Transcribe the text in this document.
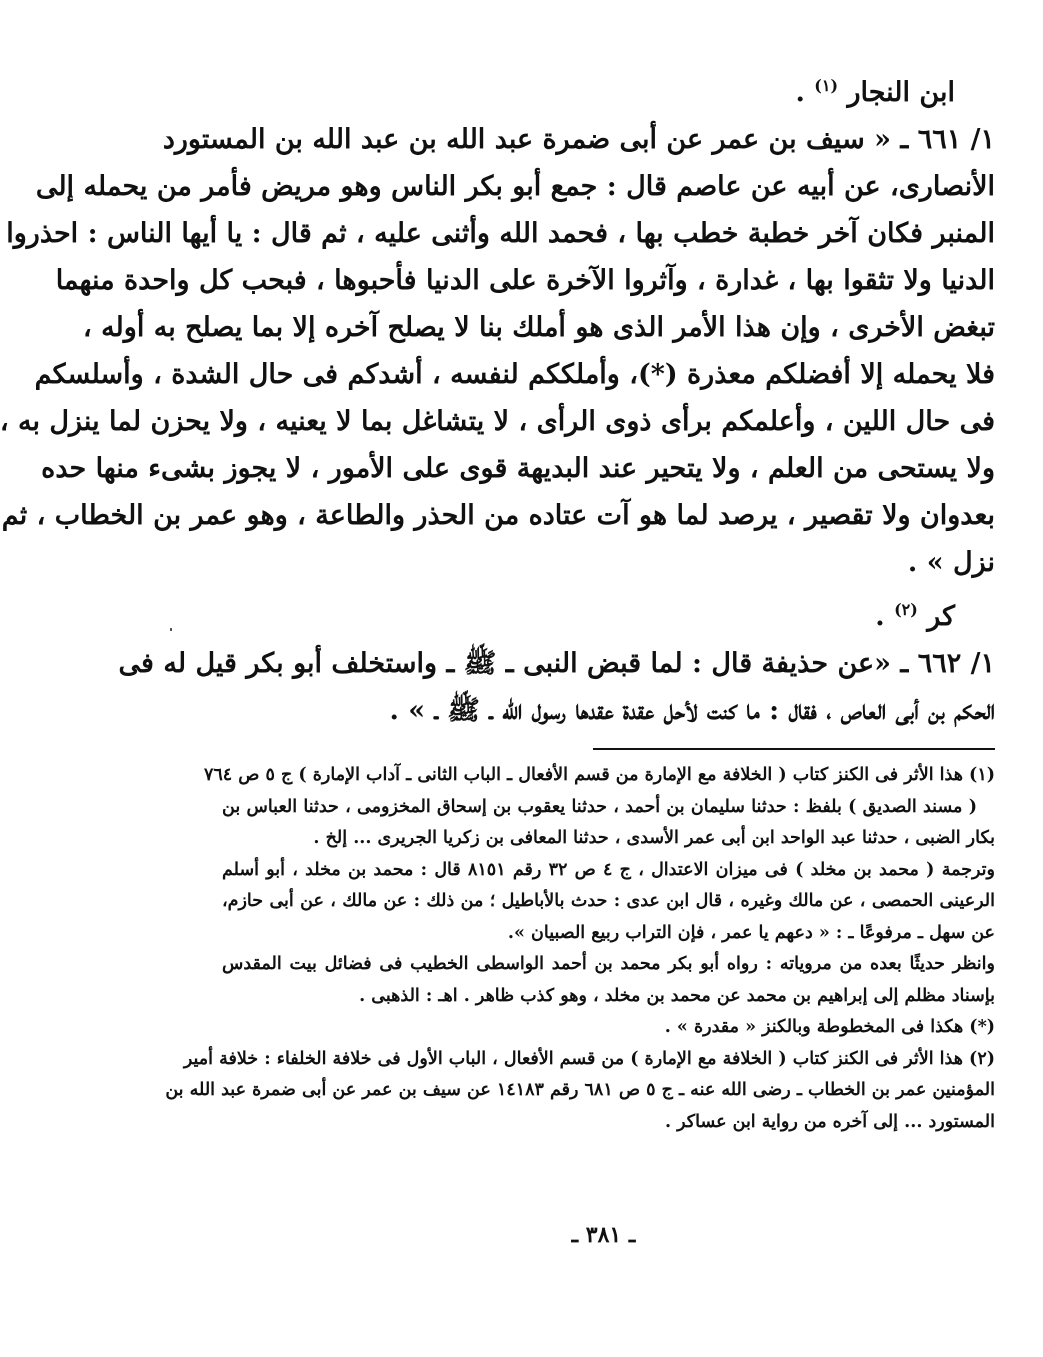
ابن النجار $^{(١)}$ .
١/ ٦٦١ ـ « سيف بن عمر عن أبى ضمرة عبد الله بن عبد الله بن المستورد
الأنصارى، عن أبيه عن عاصم قال : جمع أبو بكر الناس وهو مريض فأمر من يحمله إلى
المنبر فكان آخر خطبة خطب بها ، فحمد الله وأثنى عليه ، ثم قال : يا أيها الناس : احذروا
الدنيا ولا تثقوا بها ، غدارة ، وآثروا الآخرة على الدنيا فأحبوها ، فبحب كل واحدة منهما
تبغض الأخرى ، وإن هذا الأمر الذى هو أملك بنا لا يصلح آخره إلا بما يصلح به أوله ،
فلا يحمله إلا أفضلكم معذرة (*)، وأملككم لنفسه ، أشدكم فى حال الشدة ، وأسلسكم
فى حال اللين ، وأعلمكم برأى ذوى الرأى ، لا يتشاغل بما لا يعنيه ، ولا يحزن لما ينزل به ،
ولا يستحى من العلم ، ولا يتحير عند البديهة قوى على الأمور ، لا يجوز بشىء منها حده
بعدوان ولا تقصير ، يرصد لما هو آت عتاده من الحذر والطاعة ، وهو عمر بن الخطاب ، ثم
نزل » .
كر $^{(٢)}$ .
١/ ٦٦٢ ـ «عن حذيفة قال : لما قبض النبى ـ ﷺ ـ واستخلف أبو بكر قيل له فى
الحكم بن أبى العاص ، فقال : ما كنت لأحل عقدة عقدها رسول الله ـ ﷺ ـ » .
(١) هذا الأثر فى الكنز كتاب ( الخلافة مع الإمارة من قسم الأفعال ـ الباب الثانى ـ آداب الإمارة ) ج ٥ ص ٧٦٤
( مسند الصديق ) بلفظ : حدثنا سليمان بن أحمد ، حدثنا يعقوب بن إسحاق المخزومى ، حدثنا العباس بن
بكار الضبى ، حدثنا عبد الواحد ابن أبى عمر الأسدى ، حدثنا المعافى بن زكريا الجريرى ... إلخ .
وترجمة ( محمد بن مخلد ) فى ميزان الاعتدال ، ج ٤ ص ٣٢ رقم ٨١٥١ قال : محمد بن مخلد ، أبو أسلم
الرعينى الحمصى ، عن مالك وغيره ، قال ابن عدى : حدث بالأباطيل ؛ من ذلك : عن مالك ، عن أبى حازم،
عن سهل ـ مرفوعًا ـ : « دعهم يا عمر ، فإن التراب ربيع الصبيان ».
وانظر حديثًا بعده من مروياته : رواه أبو بكر محمد بن أحمد الواسطى الخطيب فى فضائل بيت المقدس
بإسناد مظلم إلى إبراهيم بن محمد عن محمد بن مخلد ، وهو كذب ظاهر . اهـ : الذهبى .
(*) هكذا فى المخطوطة وبالكنز « مقدرة » .
(٢) هذا الأثر فى الكنز كتاب ( الخلافة مع الإمارة ) من قسم الأفعال ، الباب الأول فى خلافة الخلفاء : خلافة أمير
المؤمنين عمر بن الخطاب ـ رضى الله عنه ـ ج ٥ ص ٦٨١ رقم ١٤١٨٣ عن سيف بن عمر عن أبى ضمرة عبد الله بن
المستورد ... إلى آخره من رواية ابن عساكر .
ـ ٣٨١ ـ
